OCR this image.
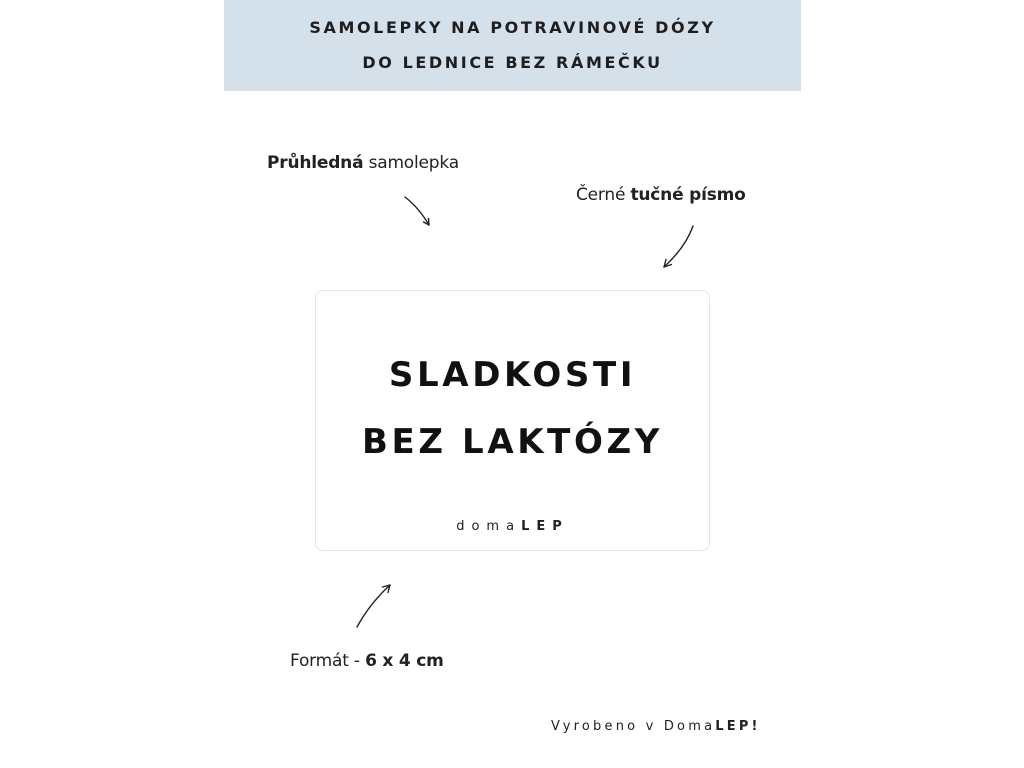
SAMOLEPKY NA POTRAVINOVÉ DÓZY
DO LEDNICE BEZ RÁMEČKU
Průhledná samolepka
Černé tučné písmo
SLADKOSTI
BEZ LAKTÓZY
domaLEP
Formát - 6 x 4 cm
Vyrobeno v DomaLEP!
